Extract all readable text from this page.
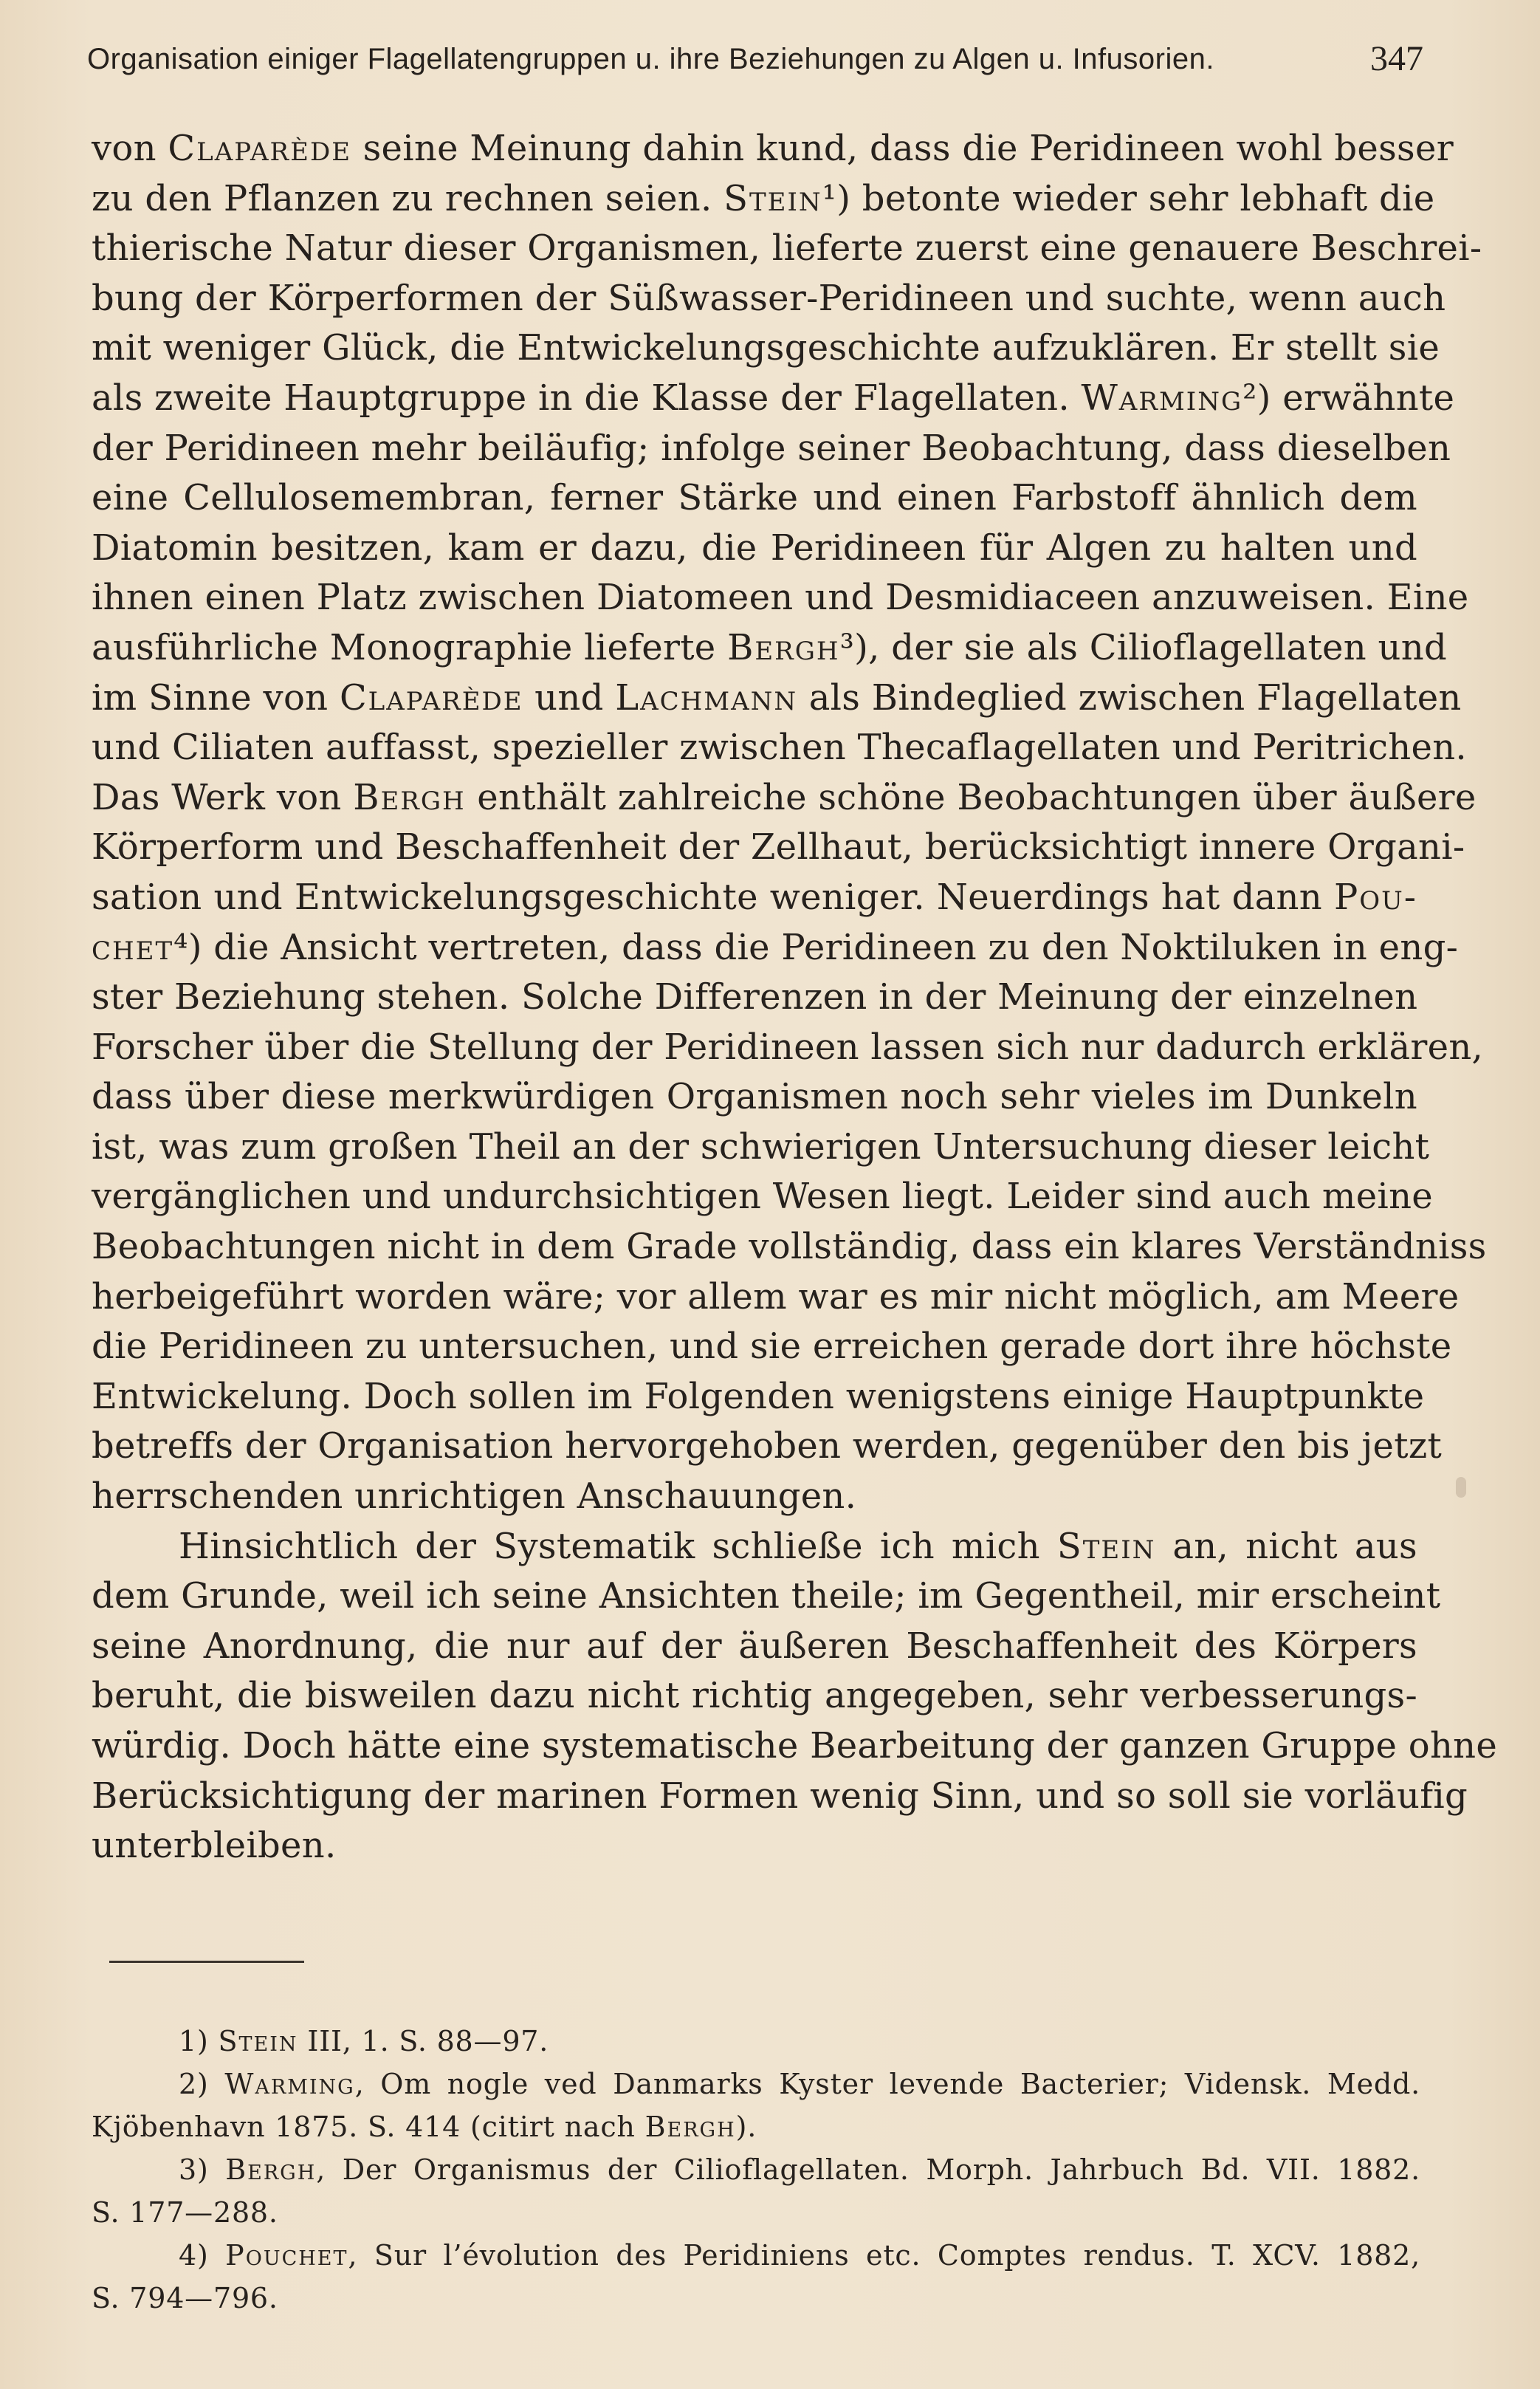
Organisation einiger Flagellatengruppen u. ihre Beziehungen zu Algen u. Infusorien.	347
von Claparède seine Meinung dahin kund, dass die Peridineen wohl besser
zu den Pflanzen zu rechnen seien. Stein¹) betonte wieder sehr lebhaft die
thierische Natur dieser Organismen, lieferte zuerst eine genauere Beschrei-
bung der Körperformen der Süßwasser-Peridineen und suchte, wenn auch
mit weniger Glück, die Entwickelungsgeschichte aufzuklären. Er stellt sie
als zweite Hauptgruppe in die Klasse der Flagellaten. Warming²) erwähnte
der Peridineen mehr beiläufig; infolge seiner Beobachtung, dass dieselben
eine Cellulosemembran, ferner Stärke und einen Farbstoff ähnlich dem
Diatomin besitzen, kam er dazu, die Peridineen für Algen zu halten und
ihnen einen Platz zwischen Diatomeen und Desmidiaceen anzuweisen. Eine
ausführliche Monographie lieferte Bergh³), der sie als Cilioflagellaten und
im Sinne von Claparède und Lachmann als Bindeglied zwischen Flagellaten
und Ciliaten auffasst, spezieller zwischen Thecaflagellaten und Peritrichen.
Das Werk von Bergh enthält zahlreiche schöne Beobachtungen über äußere
Körperform und Beschaffenheit der Zellhaut, berücksichtigt innere Organi-
sation und Entwickelungsgeschichte weniger. Neuerdings hat dann Pou-
chet⁴) die Ansicht vertreten, dass die Peridineen zu den Noktiluken in eng-
ster Beziehung stehen. Solche Differenzen in der Meinung der einzelnen
Forscher über die Stellung der Peridineen lassen sich nur dadurch erklären,
dass über diese merkwürdigen Organismen noch sehr vieles im Dunkeln
ist, was zum großen Theil an der schwierigen Untersuchung dieser leicht
vergänglichen und undurchsichtigen Wesen liegt. Leider sind auch meine
Beobachtungen nicht in dem Grade vollständig, dass ein klares Verständniss
herbeigeführt worden wäre; vor allem war es mir nicht möglich, am Meere
die Peridineen zu untersuchen, und sie erreichen gerade dort ihre höchste
Entwickelung. Doch sollen im Folgenden wenigstens einige Hauptpunkte
betreffs der Organisation hervorgehoben werden, gegenüber den bis jetzt
herrschenden unrichtigen Anschauungen.
Hinsichtlich der Systematik schließe ich mich Stein an, nicht aus
dem Grunde, weil ich seine Ansichten theile; im Gegentheil, mir erscheint
seine Anordnung, die nur auf der äußeren Beschaffenheit des Körpers
beruht, die bisweilen dazu nicht richtig angegeben, sehr verbesserungs-
würdig. Doch hätte eine systematische Bearbeitung der ganzen Gruppe ohne
Berücksichtigung der marinen Formen wenig Sinn, und so soll sie vorläufig
unterbleiben.
1) Stein III, 1. S. 88—97.
2) Warming, Om nogle ved Danmarks Kyster levende Bacterier; Vidensk. Medd.
Kjöbenhavn 1875. S. 414 (citirt nach Bergh).
3) Bergh, Der Organismus der Cilioflagellaten. Morph. Jahrbuch Bd. VII. 1882.
S. 177—288.
4) Pouchet, Sur l’évolution des Peridiniens etc. Comptes rendus. T. XCV. 1882,
S. 794—796.
